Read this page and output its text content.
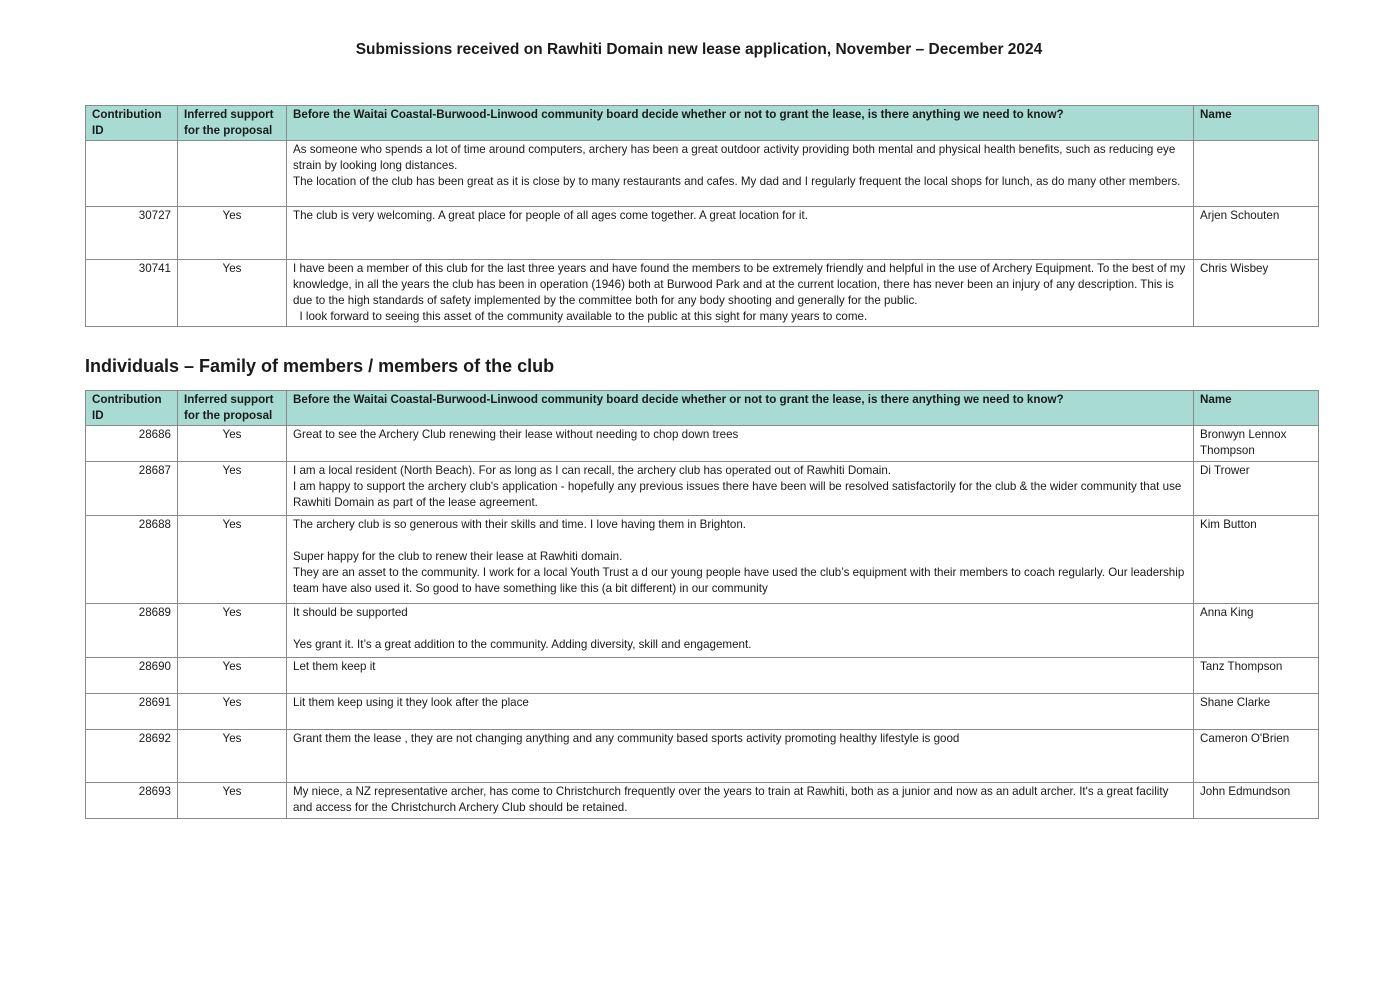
Submissions received on Rawhiti Domain new lease application, November – December 2024
Contribution ID	Inferred support for the proposal	Before the Waitai Coastal-Burwood-Linwood community board decide whether or not to grant the lease, is there anything we need to know?	Name

		As someone who spends a lot of time around computers, archery has been a great outdoor activity providing both mental and physical health benefits, such as reducing eye strain by looking long distances.
The location of the club has been great as it is close by to many restaurants and cafes. My dad and I regularly frequent the local shops for lunch, as do many other members.	

30727	Yes	The club is very welcoming. A great place for people of all ages come together. A great location for it.	Arjen Schouten
30741	Yes	I have been a member of this club for the last three years and have found the members to be extremely friendly and helpful in the use of Archery Equipment. To the best of my knowledge, in all the years the club has been in operation (1946) both at Burwood Park and at the current location, there has never been an injury of any description. This is due to the high standards of safety implemented by the committee both for any body shooting and generally for the public.
I look forward to seeing this asset of the community available to the public at this sight for many years to come.	Chris Wisbey
Individuals – Family of members / members of the club
Contribution ID	Inferred support for the proposal	Before the Waitai Coastal-Burwood-Linwood community board decide whether or not to grant the lease, is there anything we need to know?	Name
28686	Yes	Great to see the Archery Club renewing their lease without needing to chop down trees	Bronwyn Lennox Thompson
28687	Yes	I am a local resident (North Beach). For as long as I can recall, the archery club has operated out of Rawhiti Domain.
I am happy to support the archery club's application - hopefully any previous issues there have been will be resolved satisfactorily for the club & the wider community that use Rawhiti Domain as part of the lease agreement.	Di Trower
28688	Yes	The archery club is so generous with their skills and time. I love having them in Brighton.
Super happy for the club to renew their lease at Rawhiti domain.
They are an asset to the community. I work for a local Youth Trust a d our young people have used the club’s equipment with their members to coach regularly. Our leadership team have also used it. So good to have something like this (a bit different) in our community	Kim Button
28689	Yes	It should be supported
Yes grant it. It’s a great addition to the community. Adding diversity, skill and engagement.	Anna King
28690	Yes	Let them keep it	Tanz Thompson
28691	Yes	Lit them keep using it they look after the place	Shane Clarke
28692	Yes	Grant them the lease , they are not changing anything and any community based sports activity promoting healthy lifestyle is good	Cameron O'Brien
28693	Yes	My niece, a NZ representative archer, has come to Christchurch frequently over the years to train at Rawhiti, both as a junior and now as an adult archer. It's a great facility and access for the Christchurch Archery Club should be retained.	John Edmundson
